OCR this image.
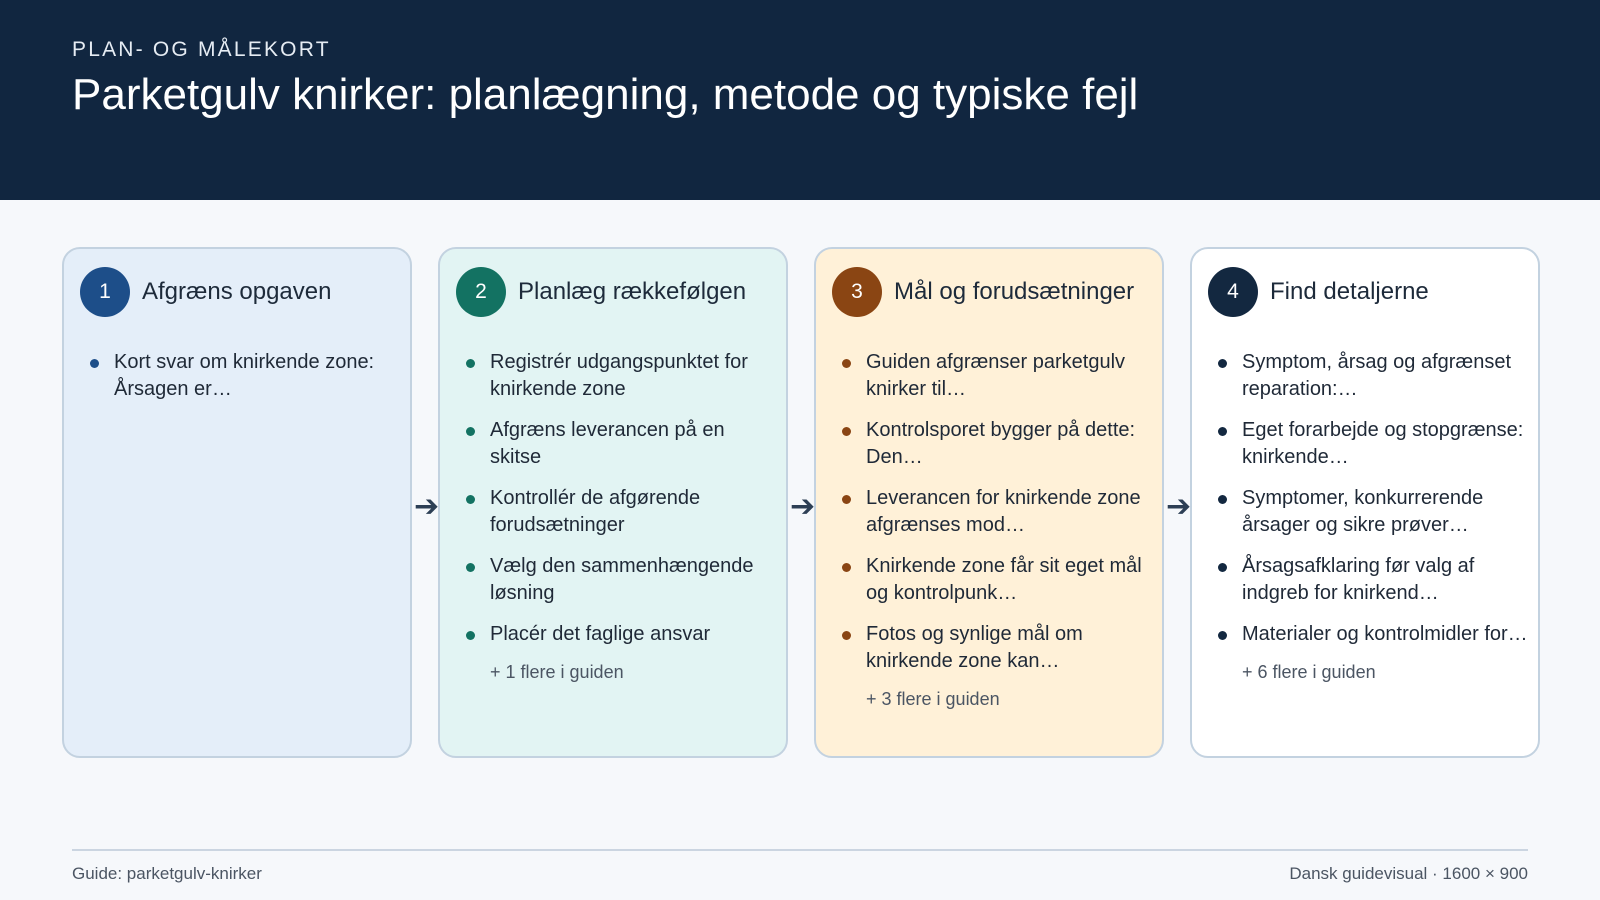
PLAN- OG MÅLEKORT
Parketgulv knirker: planlægning, metode og typiske fejl
1	Afgræns opgaven
Kort svar om knirkende zone: Årsagen er…
2	Planlæg rækkefølgen
Registrér udgangspunktet for knirkende zone
Afgræns leverancen på en skitse
Kontrollér de afgørende forudsætninger
Vælg den sammenhængende løsning
Placér det faglige ansvar
+ 1 flere i guiden
3	Mål og forudsætninger
Guiden afgrænser parketgulv knirker til…
Kontrolsporet bygger på dette: Den…
Leverancen for knirkende zone afgrænses mod…
Knirkende zone får sit eget mål og kontrolpunk…
Fotos og synlige mål om knirkende zone kan…
+ 3 flere i guiden
4	Find detaljerne
Symptom, årsag og afgrænset reparation:…
Eget forarbejde og stopgrænse: knirkende…
Symptomer, konkurrerende årsager og sikre prøver…
Årsagsafklaring før valg af indgreb for knirkend…
Materialer og kontrolmidler for…
+ 6 flere i guiden
Guide: parketgulv-knirker	Dansk guidevisual · 1600 × 900
➔	➔	➔
